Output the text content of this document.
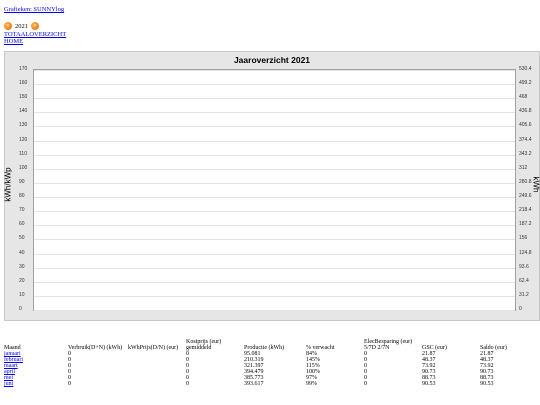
Grafieken: SUNNYlog
‹ 2021 ›
TOTAALOVERZICHT
HOME
Jaaroverzicht 2021
kWh/kWp	kWh
170	530.4
160	499.2
150	468
140	436.8
130	405.6
120	374.4
110	343.2
100	312
90	280.8
80	249.6
70	218.4
60	187.2
50	156
40	124.8
30	93.6
20	62.4
10	31.2
0	0
Maand	Verbruik(D+N) (kWh)	kWhPrijs(D/N) (eur)	Kostprijs (eur) gemiddeld	Productie (kWh)	% verwacht	ElecBesparing (eur) 5/7D 2/7N	GSC (eur)	Saldo (eur)
januari	0		0	95.081	84%	0	21.87	21.87
februari	0		0	210.319	145%	0	48.37	48.37
maart	0		0	321.397	115%	0	73.92	73.92
april	0		0	394.479	100%	0	90.73	90.73
mei	0		0	385.773	97%	0	88.73	88.73
juni	0		0	393.617	99%	0	90.53	90.53
